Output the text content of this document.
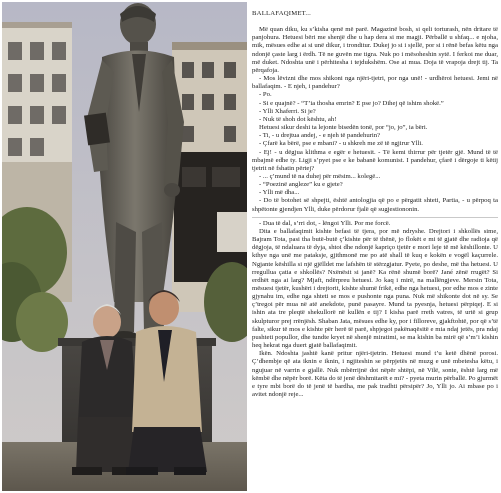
BALLAFAQIMET...

Më quan diku, ku s’kisha qenë më parë. Magazinë bosh, si qeli torturash, nën dritare të panjohura. Hetuesi bëri me shenjë dhe u hap dera si me magji. Përballë u shfaq... e njoha, mik, mësues edhe ai si unë dikur, i tronditur. Dukej jo si i sjellë, por si i rënë befas këtu nga ndonjë çaste larg i ërdh. Të ne guvën me tigra. Nuk po i mësoheshin sytë. I ferkoi me duar, më duket. Ndoshta unë i përhitesha i tejdukshëm. Ose ai mua. Doja të vrapoja drejt tij. Ta përqafoja.

- Mos lëvizni dhe mos shikoni nga njëri-tjetri, por nga unë! - urdhëroi hetuesi. Jemi në ballafaqim. - E njeh, i pandehur?

- Po.

- Si e quajnë? - “T’ia thosha emrin? E pse jo? Dihej që ishim shokë.”

- Ylli Xhaferri. Si je?

- Nuk të shoh dot kështu, ah!

Hetuesi sikur deshi ta lejonte bisedën tonë, por “jo, jo”, ia bëri.

- Ti, - u drejtua andej, - e njeh të pandehurin?

- Çfarë ka bërë, pse e mbani? - u shkreh me zë të ngjirur Ylli.

- Ej! - u dëgjua klithma e egër e hetuesit. - Të kemi thirrur për tjetër gjë. Mund të të mbajmë edhe ty. Ligji s’pyet pse e ke babanë komunist. I pandehur, çfarë i dërgoje ti këtij tjetrit në fshatin përtej?

- ... ç’mund të na duhej për mësim... kolegë...

- “Poezinë angleze” ku e gjete?

- Ylli më dha...

- Do të botohet së shpejti, është antologjia që po e përgatit shteti, Partia, - u përpoq ta shpëtonte gjendjen Ylli, duke përdorur fjalë që sugjestiononin.

- Dua të dal, s’rri dot, - lëngoi Ylli. Por me forcë.

Dita e ballafaqimit kishte befasi të tjera, por më ndryshe. Drejtori i shkollës sime, Bajram Tota, pasi tha butë-butë ç’kishte për të thënë, jo flokët e mi të gjatë dhe radioja që dëgjoja, të ndaluara të dyja, shtoi dhe ndonjë kapriço tjetër e mori leje të më këshillonte. U kthye nga unë me pataksje, gjithmonë me po atë shall të kuq e kokën e vogël kaçurrele. Ngjante këshilla si një gjëlldet me lafshën të stërzgjatur. Pyete, po deshe, më tha hetuesi. U rregullua çatia e shkollës? Nxënësit si janë? Ka rënë shumë borë? Jané zënë rrugët? Si erdhët nga ai larg? Mjaft, ndërpreu hetuesi. Jo kaq i mirë, na mallëngjeve. Mersin Tota, mësuesi tjetër, kushëri i drejtorit, kishte shumë frikë, edhe nga hetuesi, por edhe mos e zinte gjynahu im, edhe nga shteti se mos e pushonte nga puna. Nuk më shikonte dot në sy. Se ç’tregoi për mua në atë anekdote, punë pasayre. Mund ta pyesnja, hetuesi përpiqej. E si ishin ata tre pleqtë shekullorë në kullën e tij? I kisha parë rreth vatres, të urtë si grup skulpturor prej rrënjësh. Shaban Jata, mësues edhe ky, por i filloreve, gjakftohtë, por që s’të falte, sikur të mos e kishte për herë të parë, shpjegoi pakënaqësitë e mia ndaj jetës, pra ndaj pushteti popullor, dhe tundte kryet në shenjë miratimi, se ma kishin ba mirë që s’m’i kishin heq hekrat nga duert gjatë ballafaqimit.

Ikën. Ndoshta jashtë kanë pritur njëri-tjetrin. Hetuesi mund t’u ketë dhënë porosi. Ç’dhembje që ata iknin e iknin, i ngjiteshin se përpjetës në muzg e unë mbetesha këtu, i ngujuar në varrin e gjallë. Nuk mbërrijnë dot nëpër shtëpi, në Vilë, sonte, është larg më këmbë dhe nëpër borë. Këta do të jenë dëshmitarët e mi? - pyeta murin përballë. Po gjurmët e tyre mbi borë do të jenë të bardha, me pak tradhti përsipër? Jo, Ylli jo. Ai mbase po i avitet ndonjë reje...
